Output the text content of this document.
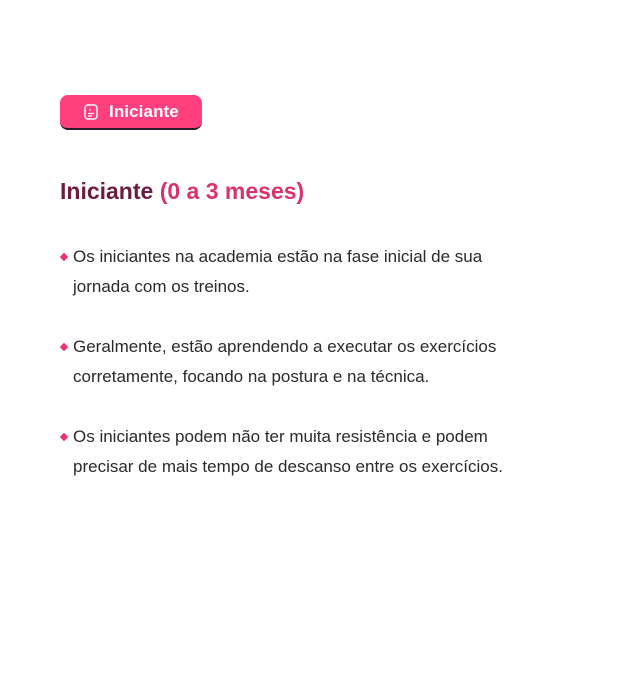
Iniciante
Iniciante (0 a 3 meses)
Os iniciantes na academia estão na fase inicial de sua jornada com os treinos.
Geralmente, estão aprendendo a executar os exercícios corretamente, focando na postura e na técnica.
Os iniciantes podem não ter muita resistência e podem precisar de mais tempo de descanso entre os exercícios.
